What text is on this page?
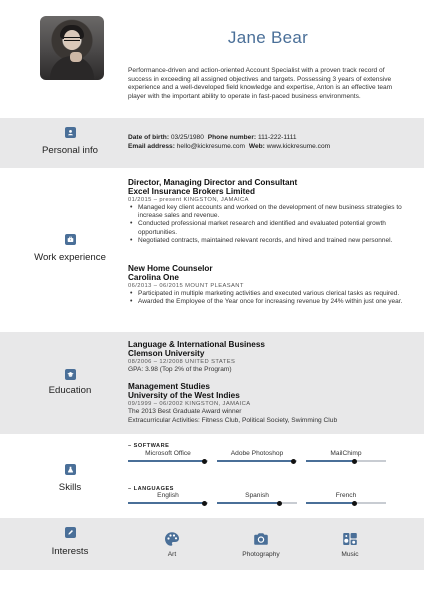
Jane Bear
Performance-driven and action-oriented Account Specialist with a proven track record of success in exceeding all assigned objectives and targets. Possessing 3 years of extensive experience and a well-developed field knowledge and expertise, Anton is an effective team player with the important ability to operate in fast-paced business environments.
Personal info
Date of birth: 03/25/1980 Phone number: 111-222-1111
Email address: hello@kickresume.com Web: www.kickresume.com
Work experience
Director, Managing Director and Consultant
Excel Insurance Brokers Limited
01/2015 – present KINGSTON, JAMAICA
• Managed key client accounts and worked on the development of new business strategies to increase sales and revenue.
• Conducted professional market research and identified and evaluated potential growth opportunities.
• Negotiated contracts, maintained relevant records, and hired and trained new personnel.
New Home Counselor
Carolina One
06/2013 – 06/2015 MOUNT PLEASANT
• Participated in multiple marketing activities and executed various clerical tasks as required.
• Awarded the Employee of the Year once for increasing revenue by 24% within just one year.
Education
Language & International Business
Clemson University
08/2006 – 12/2008 UNITED STATES
GPA: 3.98 (Top 2% of the Program)
Management Studies
University of the West Indies
09/1999 – 06/2002 KINGSTON, JAMAICA
The 2013 Best Graduate Award winner
Extracurricular Activities: Fitness Club, Political Society, Swimming Club
Skills
– SOFTWARE
Microsoft Office	Adobe Photoshop	MailChimp
– LANGUAGES
English	Spanish	French
Interests	Art	Photography	Music
